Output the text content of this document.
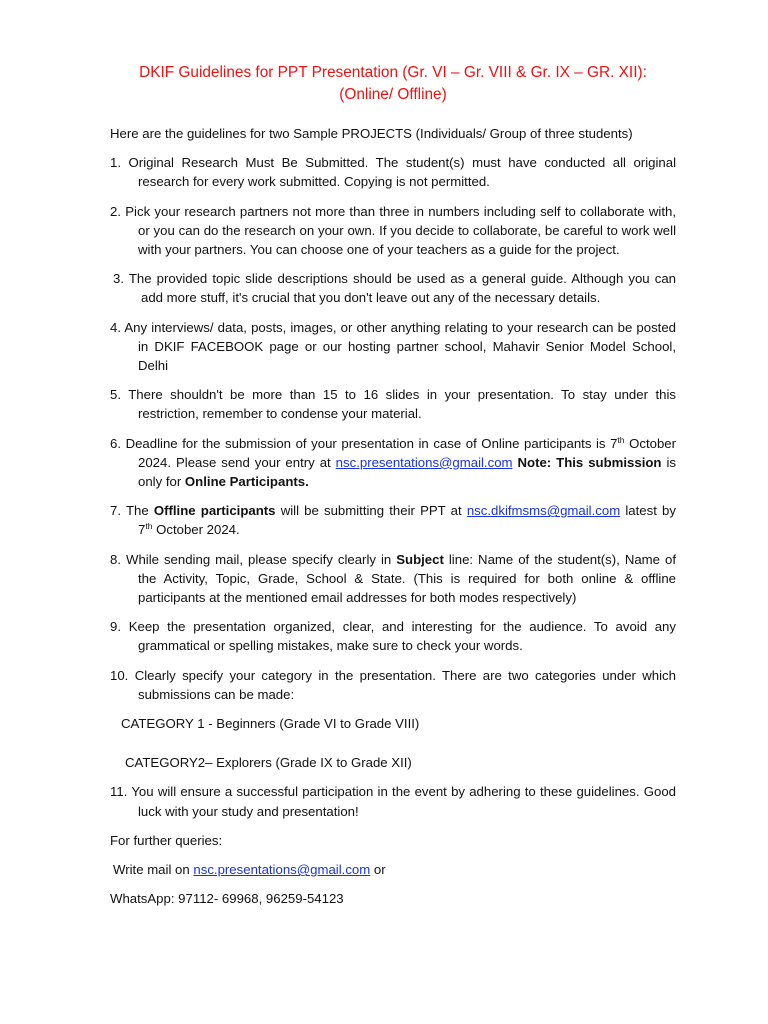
DKIF Guidelines for PPT Presentation (Gr. VI – Gr. VIII & Gr. IX – GR. XII):
(Online/ Offline)
Here are the guidelines for two Sample PROJECTS (Individuals/ Group of three students)
1. Original Research Must Be Submitted. The student(s) must have conducted all original research for every work submitted. Copying is not permitted.
2. Pick your research partners not more than three in numbers including self to collaborate with, or you can do the research on your own. If you decide to collaborate, be careful to work well with your partners. You can choose one of your teachers as a guide for the project.
3. The provided topic slide descriptions should be used as a general guide. Although you can add more stuff, it's crucial that you don't leave out any of the necessary details.
4. Any interviews/ data, posts, images, or other anything relating to your research can be posted in DKIF FACEBOOK page or our hosting partner school, Mahavir Senior Model School, Delhi
5. There shouldn't be more than 15 to 16 slides in your presentation. To stay under this restriction, remember to condense your material.
6. Deadline for the submission of your presentation in case of Online participants is 7th October 2024. Please send your entry at nsc.presentations@gmail.com Note: This submission is only for Online Participants.
7. The Offline participants will be submitting their PPT at nsc.dkifmsms@gmail.com latest by 7th October 2024.
8. While sending mail, please specify clearly in Subject line: Name of the student(s), Name of the Activity, Topic, Grade, School & State. (This is required for both online & offline participants at the mentioned email addresses for both modes respectively)
9. Keep the presentation organized, clear, and interesting for the audience. To avoid any grammatical or spelling mistakes, make sure to check your words.
10. Clearly specify your category in the presentation. There are two categories under which submissions can be made:
CATEGORY 1 - Beginners (Grade VI to Grade VIII)
CATEGORY2– Explorers (Grade IX to Grade XII)
11. You will ensure a successful participation in the event by adhering to these guidelines. Good luck with your study and presentation!
For further queries:
Write mail on nsc.presentations@gmail.com or
WhatsApp: 97112- 69968, 96259-54123
